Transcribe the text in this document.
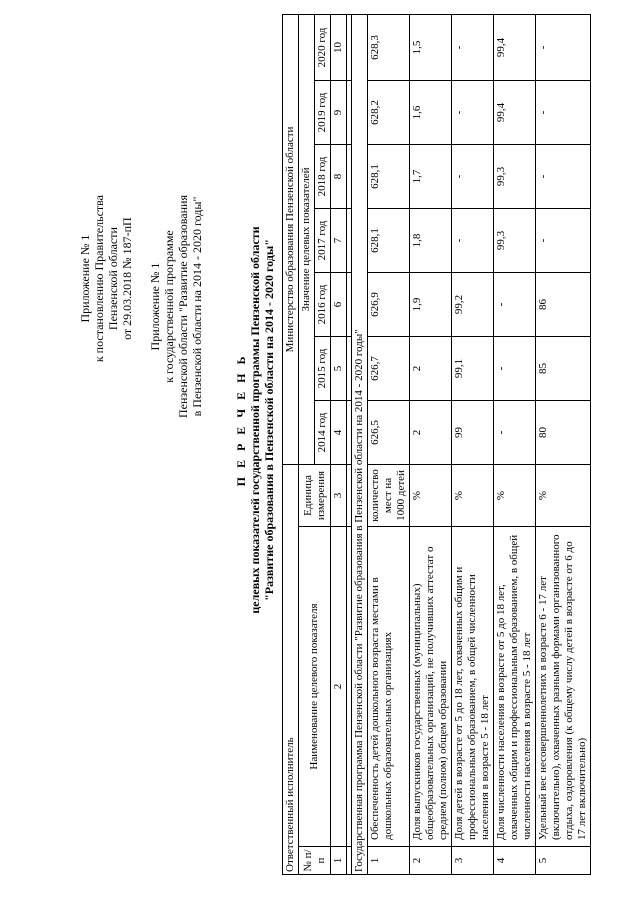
Приложение № 1 к постановлению Правительства Пензенской области от 29.03.2018 № 187-пП Приложение № 1 к государственной программе Пензенской области "Развитие образования в Пензенской области на 2014 - 2020 годы"
П Е Р Е Ч Е Н Ь целевых показателей государственной программы Пензенской области "Развитие образования в Пензенской области на 2014 - 2020 годы"
Ответственный исполнитель			Министерство образования Пензенской области						
№ п/п	Наименование целевого показателя	Единица измерения	Значение целевых показателей						
			2014 год	2015 год	2016 год	2017 год	2018 год	2019 год	2020 год
1	2	3	4	5	6	7	8	9	10

Государственная программа Пензенской области "Развитие образования в Пензенской области на 2014 - 2020 годы"									
1	Обеспеченность детей дошкольного возраста местами в дошкольных образовательных организациях	количество мест на 1000 детей	626,5	626,7	626,9	628,1	628,1	628,2	628,3
2	Доля выпускников государственных (муниципальных) общеобразовательных организаций, не получивших аттестат о среднем (полном) общем образовании	%	2	2	1,9	1,8	1,7	1,6	1,5
3	Доля детей в возрасте от 5 до 18 лет, охваченных общим и профессиональным образованием, в общей численности населения в возрасте 5 - 18 лет	%	99	99,1	99,2	-	-	-	-
4	Доля численности населения в возрасте от 5 до 18 лет, охваченных общим и профессиональным образованием, в общей численности населения в возрасте 5 - 18 лет	%	-	-	-	99,3	99,3	99,4	99,4
5	Удельный вес несовершеннолетних в возрасте 6 - 17 лет (включительно), охваченных разными формами организованного отдыха, оздоровления (к общему числу детей в возрасте от 6 до 17 лет включительно)	%	80	85	86	-	-	-	-
